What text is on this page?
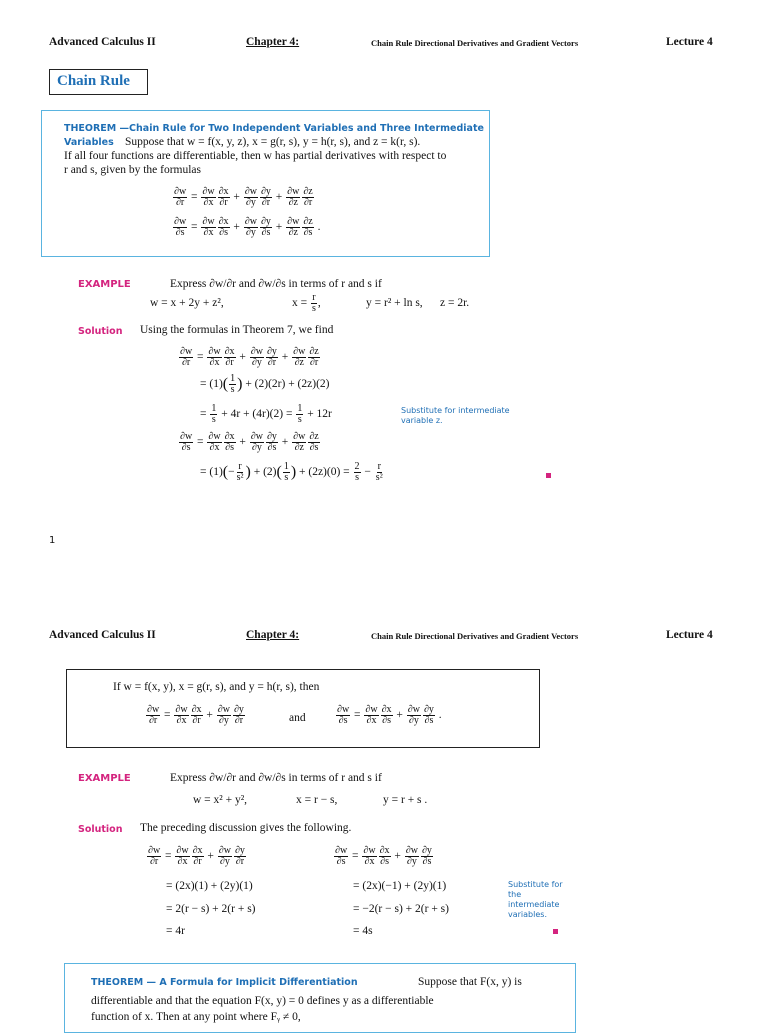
Advanced Calculus II	Chapter 4:	Chain Rule Directional Derivatives and Gradient Vectors	Lecture 4
Chain Rule
THEOREM —Chain Rule for Two Independent Variables and Three Intermediate
Variables Suppose that w = f(x, y, z), x = g(r, s), y = h(r, s), and z = k(r, s).
If all four functions are differentiable, then w has partial derivatives with respect to
r and s, given by the formulas
$\frac{\partial w}{\partial r} = \frac{\partial w}{\partial x} \frac{\partial x}{\partial r} + \frac{\partial w}{\partial y} \frac{\partial y}{\partial r} + \frac{\partial w}{\partial z} \frac{\partial z}{\partial r}$
$\frac{\partial w}{\partial s} = \frac{\partial w}{\partial x} \frac{\partial x}{\partial s} + \frac{\partial w}{\partial y} \frac{\partial y}{\partial s} + \frac{\partial w}{\partial z} \frac{\partial z}{\partial s}$ .
EXAMPLE	Express ∂w/∂r and ∂w/∂s in terms of r and s if
w = x + 2y + z²,	$x = \frac{r}{s}$ ,	y = r² + ln s, z = 2r.
Solution Using the formulas in Theorem 7, we find
$\frac{\partial w}{\partial r} = \frac{\partial w}{\partial x} \frac{\partial x}{\partial r} + \frac{\partial w}{\partial y} \frac{\partial y}{\partial r} + \frac{\partial w}{\partial z} \frac{\partial z}{\partial r}$
= $(1)( \frac{1}{s}$ ) + (2)(2r) + (2z)(2)
= $\frac{1}{s} + 4r + (4r)(2) = \frac{1}{s} + 12r$	Substitute for intermediate variable z.
$\frac{\partial w}{\partial s} = \frac{\partial w}{\partial x} \frac{\partial x}{\partial s} + \frac{\partial w}{\partial y} \frac{\partial y}{\partial s} + \frac{\partial w}{\partial z} \frac{\partial z}{\partial s}$
= $(1)(- \frac{r}{\text{s²}}$ ) + $(2)( \frac{1}{s}$ ) + $(2z)(0) = \frac{2}{s} - \frac{r}{\text{s²}}$
1
Advanced Calculus II	Chapter 4:	Chain Rule Directional Derivatives and Gradient Vectors	Lecture 4
If w = f(x, y), x = g(r, s), and y = h(r, s), then
$\frac{\partial w}{\partial r} = \frac{\partial w}{\partial x} \frac{\partial x}{\partial r} + \frac{\partial w}{\partial y} \frac{\partial y}{\partial r}$	and	$\frac{\partial w}{\partial s} = \frac{\partial w}{\partial x} \frac{\partial x}{\partial s} + \frac{\partial w}{\partial y} \frac{\partial y}{\partial s}$ .
EXAMPLE	Express ∂w/∂r and ∂w/∂s in terms of r and s if
w = x² + y²,	x = r − s,	y = r + s .
Solution The preceding discussion gives the following.
$\frac{\partial w}{\partial r} = \frac{\partial w}{\partial x} \frac{\partial x}{\partial r} + \frac{\partial w}{\partial y} \frac{\partial y}{\partial r}$
= (2x)(1) + (2y)(1)
= 2(r − s) + 2(r + s)
= 4r
$\frac{\partial w}{\partial s} = \frac{\partial w}{\partial x} \frac{\partial x}{\partial s} + \frac{\partial w}{\partial y} \frac{\partial y}{\partial s}$
= (2x)(−1) + (2y)(1)
= −2(r − s) + 2(r + s)
= 4s
Substitute for the intermediate variables.
THEOREM — A Formula for Implicit Differentiation	Suppose that F(x, y) is
differentiable and that the equation F(x, y) = 0 defines y as a differentiable
function of x. Then at any point where Fᵧ ≠ 0,
